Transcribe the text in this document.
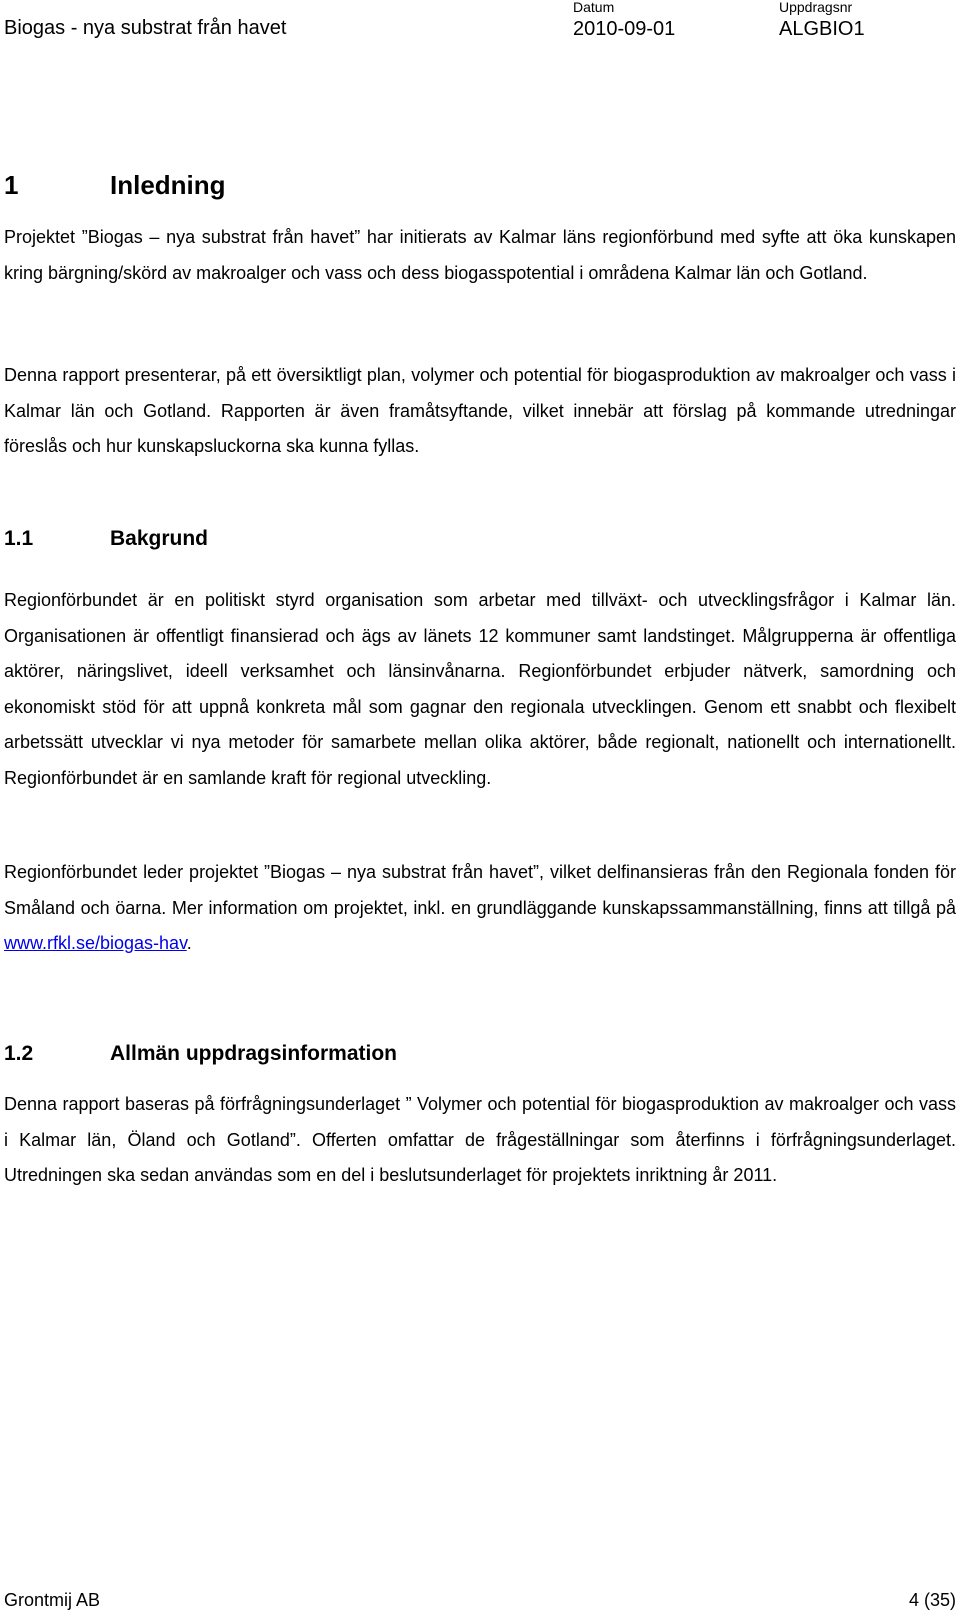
Biogas - nya substrat från havet
Datum
2010-09-01
Uppdragsnr
ALGBIO1
1	Inledning

Projektet ”Biogas – nya substrat från havet” har initierats av Kalmar läns regionförbund med syfte att öka kunskapen kring bärgning/skörd av makroalger och vass och dess biogasspotential i områdena Kalmar län och Gotland.

Denna rapport presenterar, på ett översiktligt plan, volymer och potential för biogasproduktion av makroalger och vass i Kalmar län och Gotland. Rapporten är även framåtsyftande, vilket innebär att förslag på kommande utredningar föreslås och hur kunskapsluckorna ska kunna fyllas.

1.1	Bakgrund

Regionförbundet är en politiskt styrd organisation som arbetar med tillväxt- och utvecklingsfrågor i Kalmar län. Organisationen är offentligt finansierad och ägs av länets 12 kommuner samt landstinget. Målgrupperna är offentliga aktörer, näringslivet, ideell verksamhet och länsinvånarna. Regionförbundet erbjuder nätverk, samordning och ekonomiskt stöd för att uppnå konkreta mål som gagnar den regionala utvecklingen. Genom ett snabbt och flexibelt arbetssätt utvecklar vi nya metoder för samarbete mellan olika aktörer, både regionalt, nationellt och internationellt. Regionförbundet är en samlande kraft för regional utveckling.

Regionförbundet leder projektet ”Biogas – nya substrat från havet”, vilket delfinansieras från den Regionala fonden för Småland och öarna. Mer information om projektet, inkl. en grundläggande kunskapssammanställning, finns att tillgå på www.rfkl.se/biogas-hav.

1.2	Allmän uppdragsinformation

Denna rapport baseras på förfrågningsunderlaget ” Volymer och potential för biogasproduktion av makroalger och vass i Kalmar län, Öland och Gotland”. Offerten omfattar de frågeställningar som återfinns i förfrågningsunderlaget. Utredningen ska sedan användas som en del i beslutsunderlaget för projektets inriktning år 2011.

Grontmij AB	4 (35)
